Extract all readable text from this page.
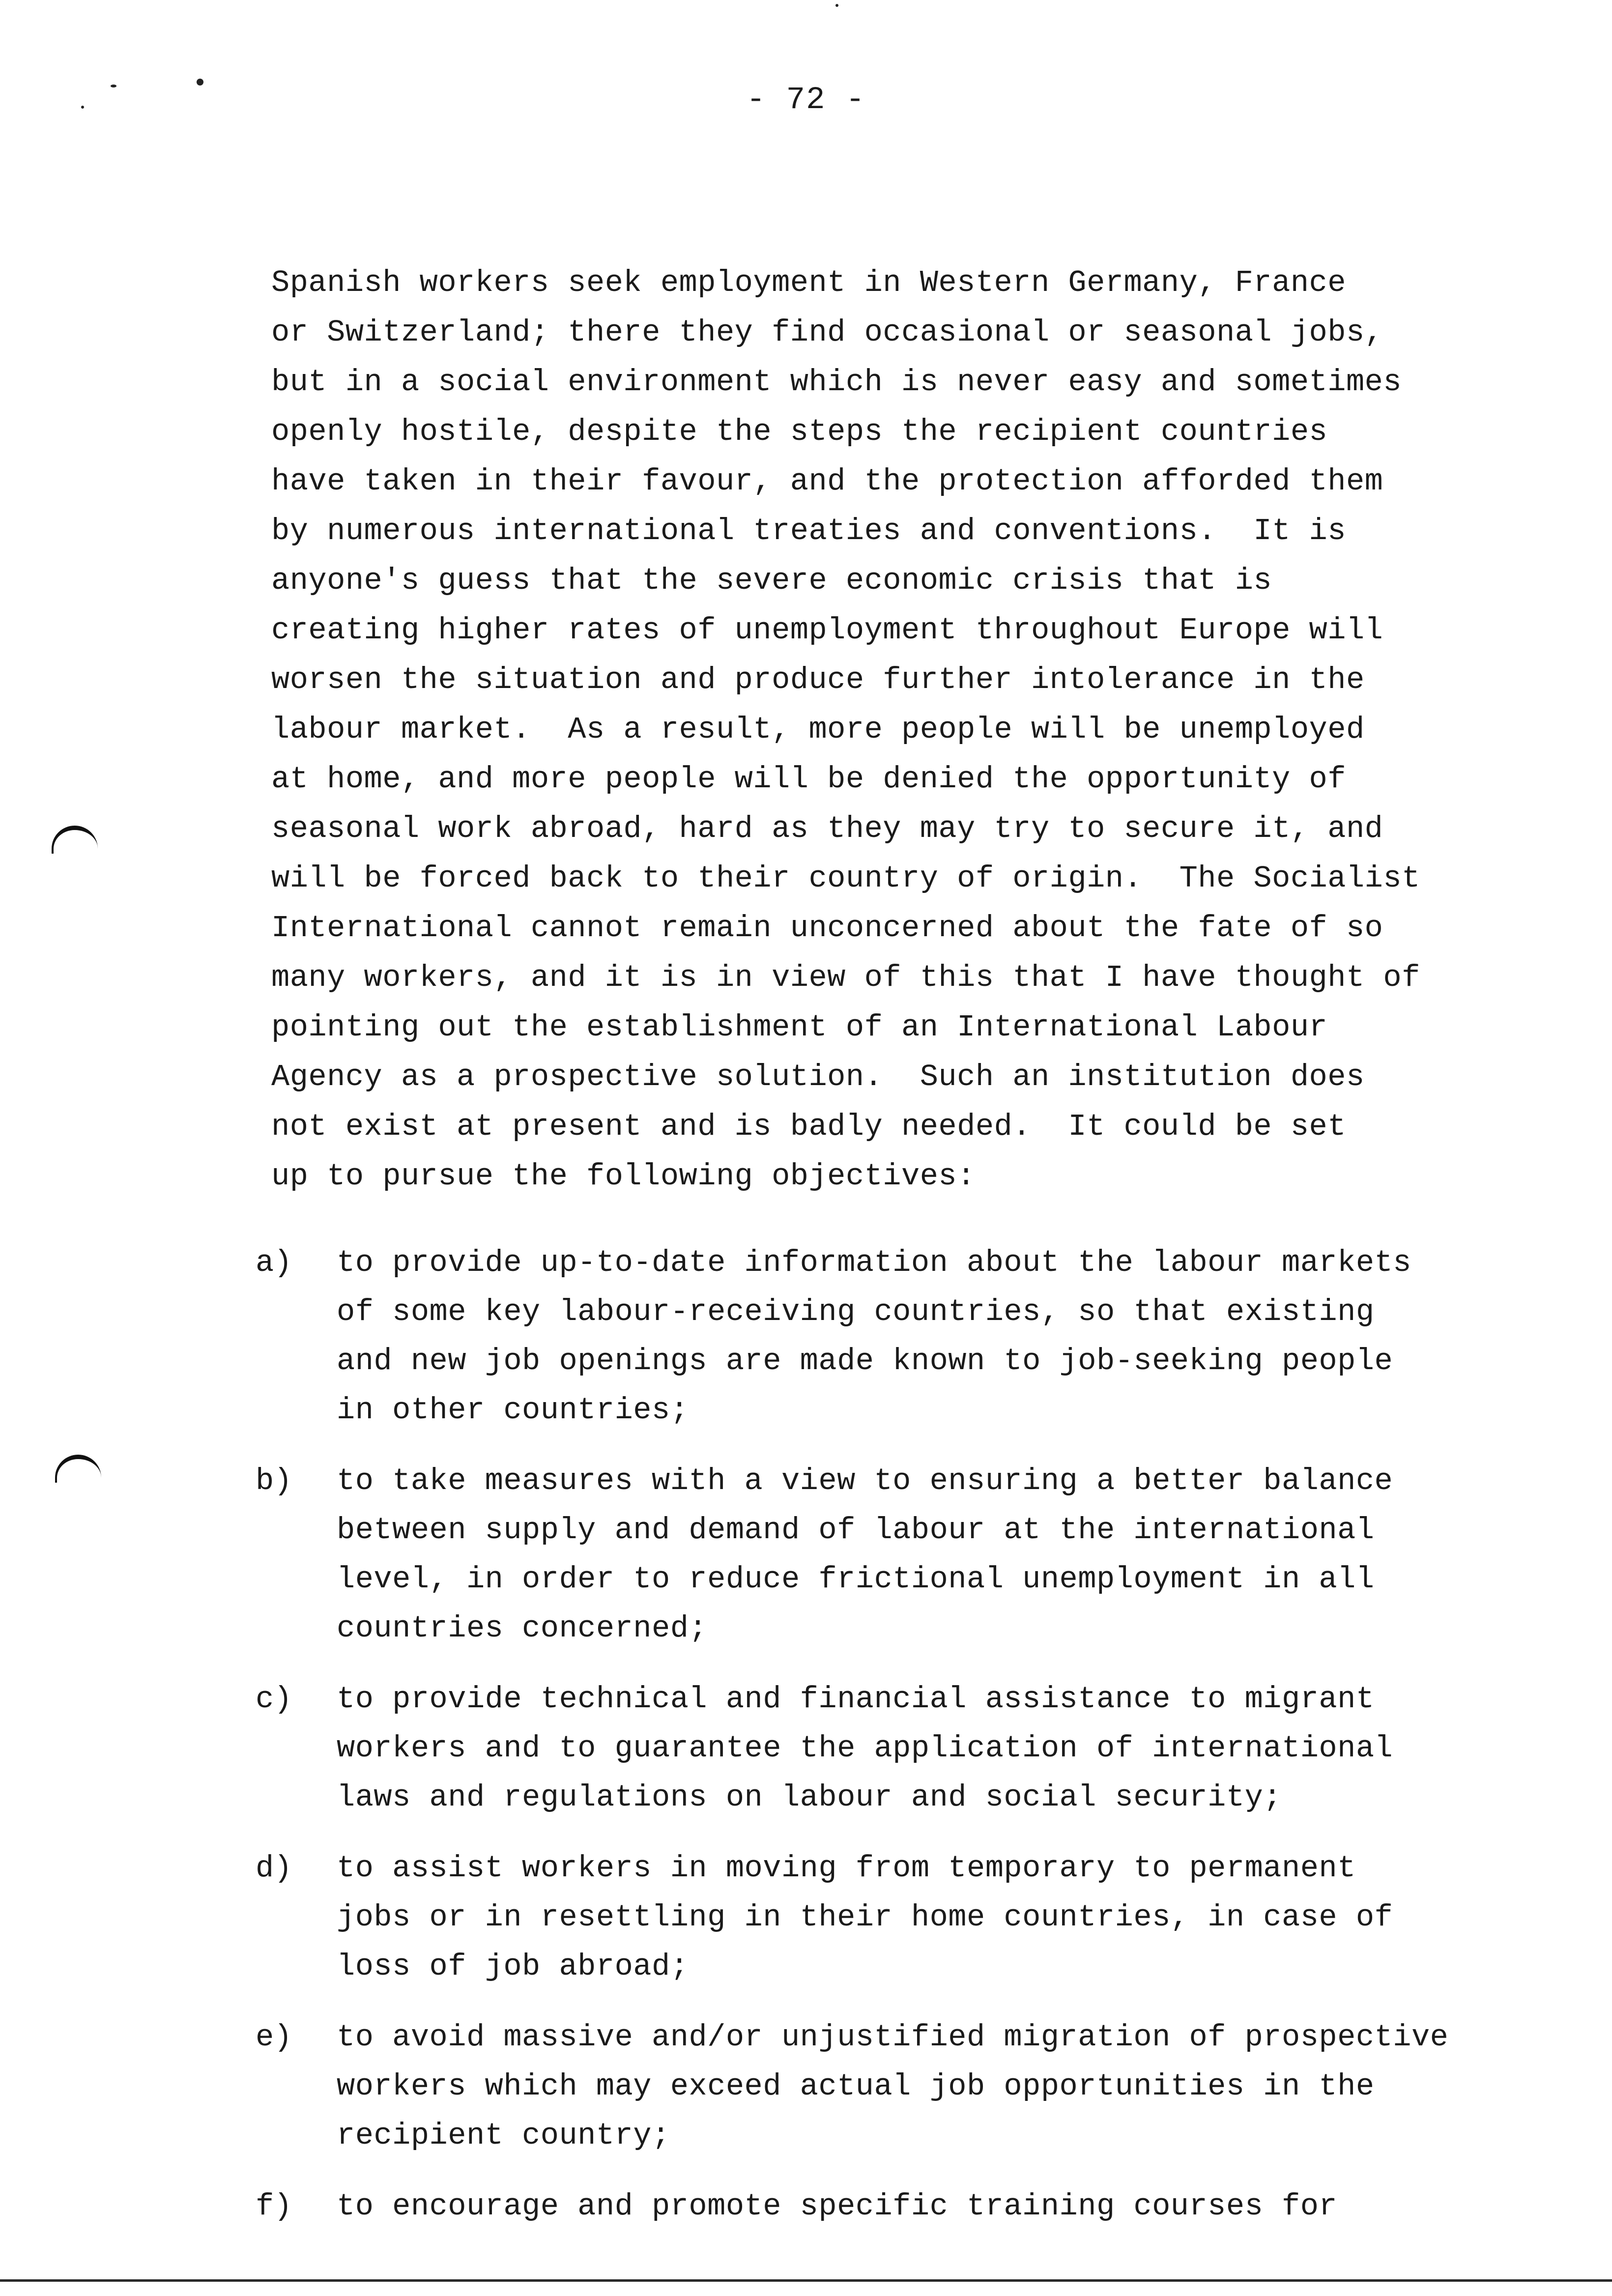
- 72 -
Spanish workers seek employment in Western Germany, France
or Switzerland; there they find occasional or seasonal jobs,
but in a social environment which is never easy and sometimes
openly hostile, despite the steps the recipient countries
have taken in their favour, and the protection afforded them
by numerous international treaties and conventions.  It is
anyone's guess that the severe economic crisis that is
creating higher rates of unemployment throughout Europe will
worsen the situation and produce further intolerance in the
labour market.  As a result, more people will be unemployed
at home, and more people will be denied the opportunity of
seasonal work abroad, hard as they may try to secure it, and
will be forced back to their country of origin.  The Socialist
International cannot remain unconcerned about the fate of so
many workers, and it is in view of this that I have thought of
pointing out the establishment of an International Labour
Agency as a prospective solution.  Such an institution does
not exist at present and is badly needed.  It could be set
up to pursue the following objectives:
a)	to provide up-to-date information about the labour markets
of some key labour-receiving countries, so that existing
and new job openings are made known to job-seeking people
in other countries;
b)	to take measures with a view to ensuring a better balance
between supply and demand of labour at the international
level, in order to reduce frictional unemployment in all
countries concerned;
c)	to provide technical and financial assistance to migrant
workers and to guarantee the application of international
laws and regulations on labour and social security;
d)	to assist workers in moving from temporary to permanent
jobs or in resettling in their home countries, in case of
loss of job abroad;
e)	to avoid massive and/or unjustified migration of prospective
workers which may exceed actual job opportunities in the
recipient country;
f)	to encourage and promote specific training courses for
